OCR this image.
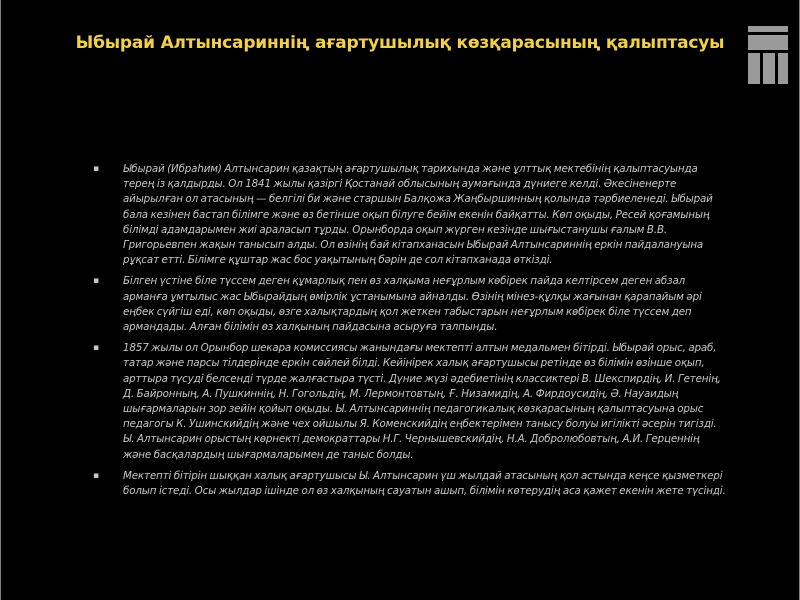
Ыбырай Алтынсариннің ағартушылық көзқарасының қалыптасуы
▪ Ыбырай (Ибраһим) Алтынсарин қазақтың ағартушылық тарихында және ұлттық мектебінің қалыптасуында терең із қалдырды. Ол 1841 жылы қазіргі Қостанай облысының аумағында дүниеге келді. Әкесіненерте айырылған ол атасының — белгілі би және старшын Балқожа Жаңбыршинның қолында тәрбиеленеді. Ыбырай бала кезінен бастап білімге және өз бетінше оқып білуге бейім екенін байқатты. Көп оқыды, Ресей қоғамының білімді адамдарымен жиі араласып тұрды. Орынборда оқып жүрген кезінде шығыстанушы ғалым В.В. Григорьевпен жақын танысып алды. Ол өзінің бай кітапханасын Ыбырай Алтынсариннің еркін пайдалануына рұқсат етті. Білімге құштар жас бос уақытының бәрін де сол кітапханада өткізді.
▪ Білген үстіне біле түссем деген құмарлық пен өз халқыма неғұрлым көбірек пайда келтірсем деген абзал арманға ұмтылыс жас Ыбырайдың өмірлік ұстанымына айналды. Өзінің мінез-құлқы жағынан қарапайым әрі еңбек сүйгіш еді, көп оқыды, өзге халықтардың қол жеткен табыстарын неғұрлым көбірек біле түссем деп армандады. Алған білімін өз халқының пайдасына асыруға талпынды.
▪ 1857 жылы ол Орынбор шекара комиссиясы жанындағы мектепті алтын медальмен бітірді. Ыбырай орыс, араб, татар және парсы тілдерінде еркін сөйлей білді. Кейінірек халық ағартушысы ретінде өз білімін өзінше оқып, арттыра түсуді белсенді түрде жалғастыра түсті. Дүние жүзі әдебиетінің классиктері В. Шекспирдің, И. Гетенің, Д. Байронның, А. Пушкиннің, Н. Гогольдің, М. Лермонтовтың, Ғ. Низамидің, А. Фирдоусидің, Ә. Науаидың шығармаларын зор зейін қойып оқыды. Ы. Алтынсариннің педагогикалық көзқарасының қалыптасуына орыс педагогы К. Ушинскийдің және чех ойшылы Я. Коменскийдің еңбектерімен танысу болуы игілікті әсерін тигізді. Ы. Алтынсарин орыстың көрнекті демократтары Н.Г. Чернышевскийдің, Н.А. Добролюбовтың, А.И. Герценнің және басқалардың шығармаларымен де таныс болды.
▪ Мектепті бітірін шыққан халық ағартушысы Ы. Алтынсарин үш жылдай атасының қол астында кеңсе қызметкері болып істеді. Осы жылдар ішінде ол өз халқының сауатын ашып, білімін көтерудің аса қажет екенін жете түсінді.
